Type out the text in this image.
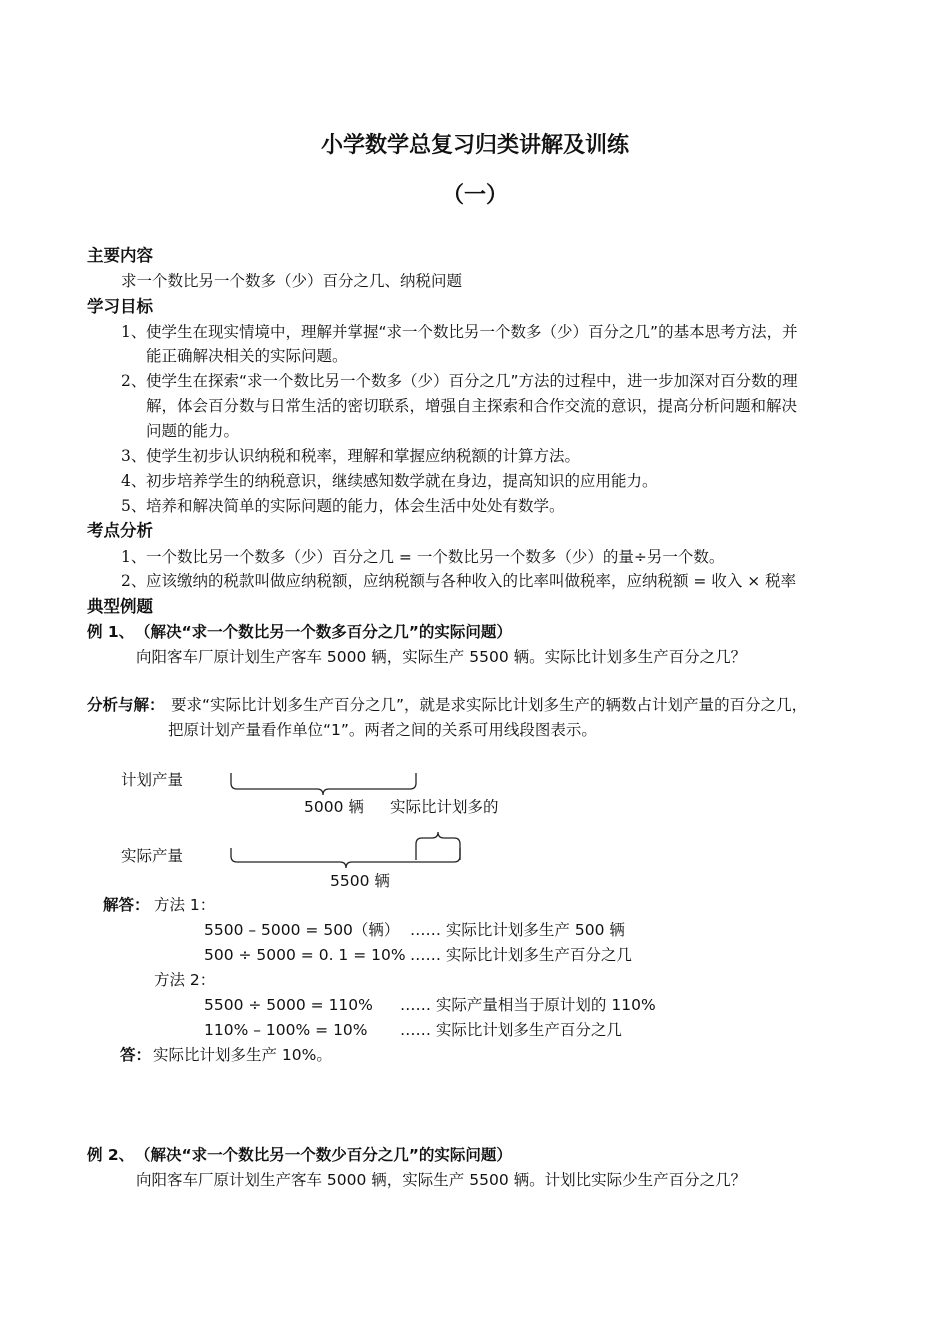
小学数学总复习归类讲解及训练
（一）
主要内容
求一个数比另一个数多（少）百分之几、纳税问题
学习目标
1、 使学生在现实情境中，理解并掌握“求一个数比另一个数多（少）百分之几”的基本思考方法，并
能正确解决相关的实际问题。
2、 使学生在探索“求一个数比另一个数多（少）百分之几”方法的过程中，进一步加深对百分数的理
解，体会百分数与日常生活的密切联系，增强自主探索和合作交流的意识，提高分析问题和解决
问题的能力。
3、 使学生初步认识纳税和税率，理解和掌握应纳税额的计算方法。
4、 初步培养学生的纳税意识，继续感知数学就在身边，提高知识的应用能力。
5、 培养和解决简单的实际问题的能力，体会生活中处处有数学。
考点分析
1、 一个数比另一个数多（少）百分之几 = 一个数比另一个数多（少）的量÷另一个数。
2、 应该缴纳的税款叫做应纳税额，应纳税额与各种收入的比率叫做税率，应纳税额 = 收入 × 税率
典型例题
例 1、 （解决“求一个数比另一个数多百分之几”的实际问题）
向阳客车厂原计划生产客车 5000 辆，实际生产 5500 辆。实际比计划多生产百分之几？
分析与解： 要求“实际比计划多生产百分之几”，就是求实际比计划多生产的辆数占计划产量的百分之几，
把原计划产量看作单位“1”。两者之间的关系可用线段图表示。
计划产量
5000 辆 实际比计划多的
实际产量
5500 辆
解答： 方法 1：
5500 – 5000 = 500（辆） …… 实际比计划多生产 500 辆
500 ÷ 5000 = 0. 1 = 10% …… 实际比计划多生产百分之几
方法 2：
5500 ÷ 5000 = 110% …… 实际产量相当于原计划的 110%
110% – 100% = 10% …… 实际比计划多生产百分之几
答： 实际比计划多生产 10%。
例 2、 （解决“求一个数比另一个数少百分之几”的实际问题）
向阳客车厂原计划生产客车 5000 辆，实际生产 5500 辆。计划比实际少生产百分之几？
